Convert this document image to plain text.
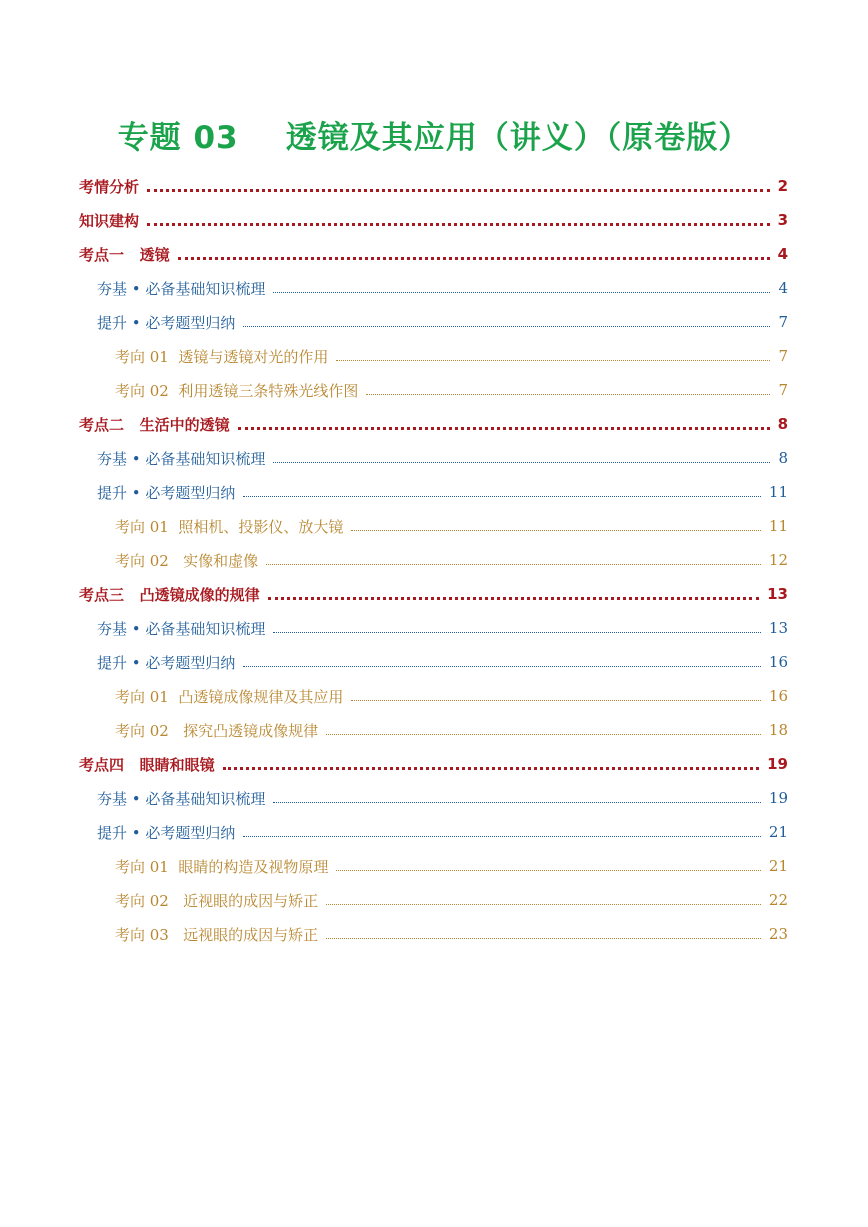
专题 03    透镜及其应用（讲义）（原卷版）
考情分析	2
知识建构	3
考点一   透镜	4
夯基 • 必备基础知识梳理	4
提升 • 必考题型归纳	7
考向 01  透镜与透镜对光的作用	7
考向 02  利用透镜三条特殊光线作图	7
考点二   生活中的透镜	8
夯基 • 必备基础知识梳理	8
提升 • 必考题型归纳	11
考向 01  照相机、投影仪、放大镜	11
考向 02   实像和虚像	12
考点三   凸透镜成像的规律	13
夯基 • 必备基础知识梳理	13
提升 • 必考题型归纳	16
考向 01  凸透镜成像规律及其应用	16
考向 02   探究凸透镜成像规律	18
考点四   眼睛和眼镜	19
夯基 • 必备基础知识梳理	19
提升 • 必考题型归纳	21
考向 01  眼睛的构造及视物原理	21
考向 02   近视眼的成因与矫正	22
考向 03   远视眼的成因与矫正	23
